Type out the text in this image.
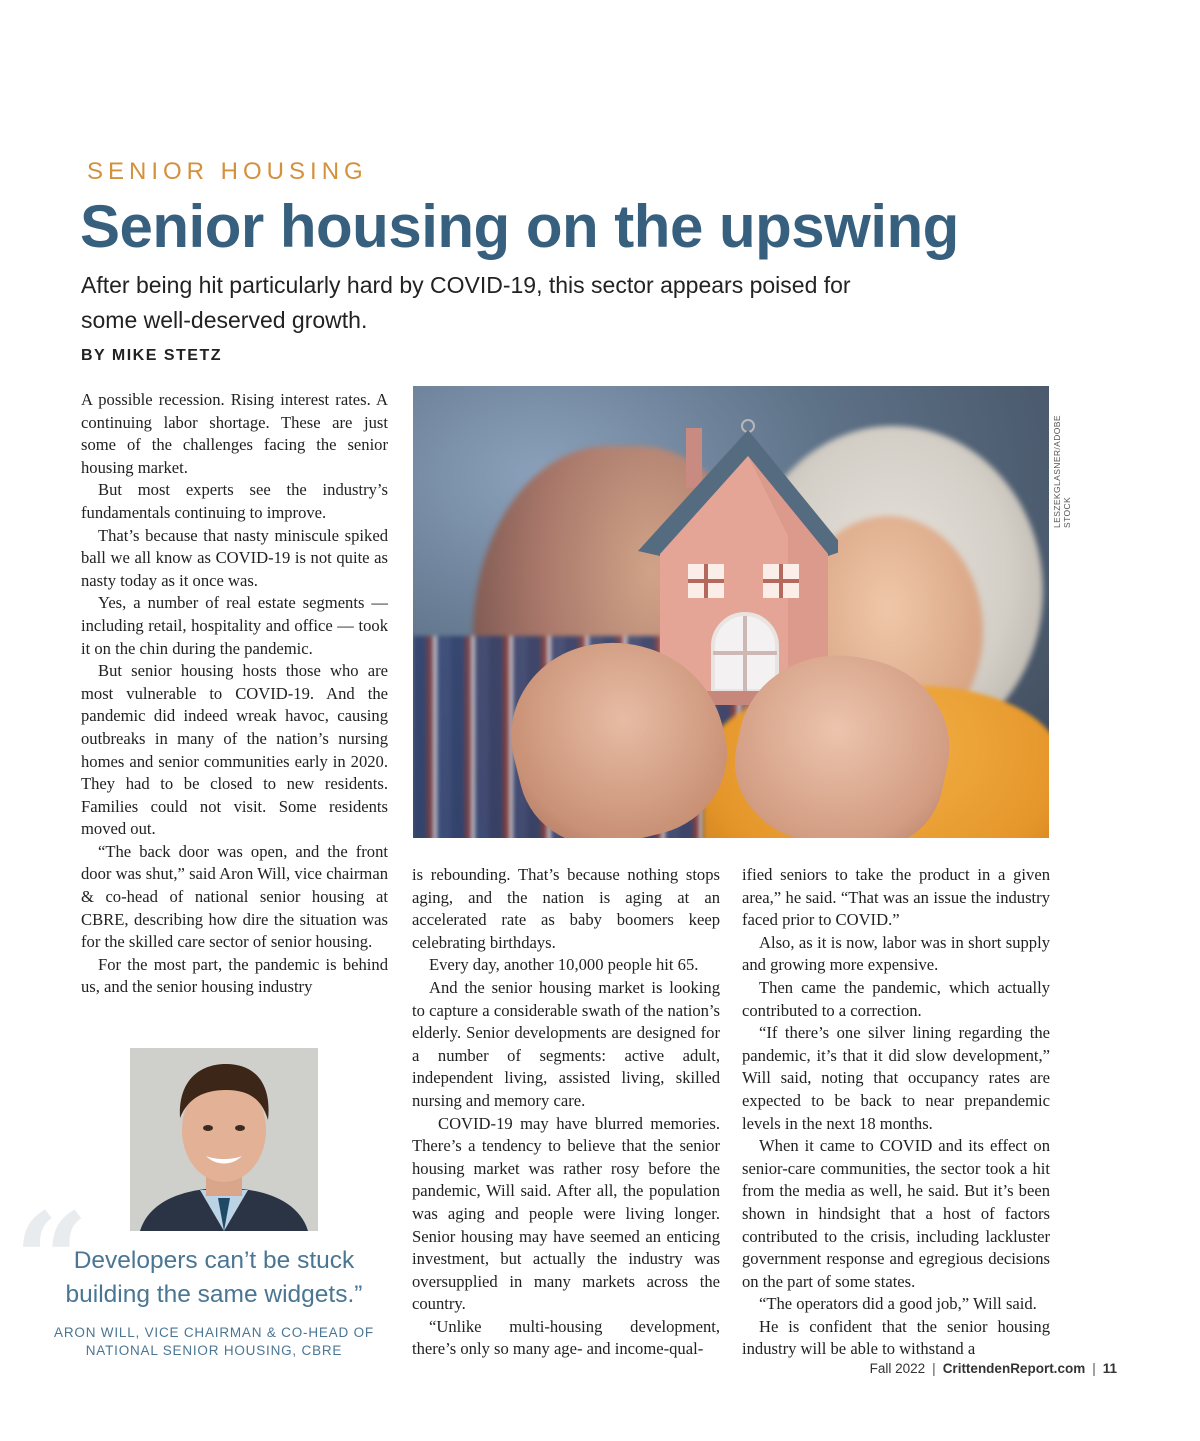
SENIOR HOUSING
Senior housing on the upswing
After being hit particularly hard by COVID-19, this sector appears poised for some well-deserved growth.
BY MIKE STETZ

A possible recession. Rising interest rates. A continuing labor shortage. These are just some of the challenges facing the senior housing market.

But most experts see the industry’s fundamentals continuing to improve.

That’s because that nasty miniscule spiked ball we all know as COVID-19 is not quite as nasty today as it once was.

Yes, a number of real estate segments — including retail, hospitality and office — took it on the chin during the pandemic.

But senior housing hosts those who are most vulnerable to COVID-19. And the pandemic did indeed wreak havoc, causing outbreaks in many of the nation’s nursing homes and senior communities early in 2020. They had to be closed to new residents. Families could not visit. Some residents moved out.

“The back door was open, and the front door was shut,” said Aron Will, vice chairman & co-head of national senior housing at CBRE, describing how dire the situation was for the skilled care sector of senior housing.

For the most part, the pandemic is behind us, and the senior housing industry

LESZEKGLASNER/ADOBE STOCK

is rebounding. That’s because nothing stops aging, and the nation is aging at an accelerated rate as baby boomers keep celebrating birthdays.

Every day, another 10,000 people hit 65.

And the senior housing market is looking to capture a considerable swath of the nation’s elderly. Senior developments are designed for a number of segments: active adult, independent living, assisted living, skilled nursing and memory care.

COVID-19 may have blurred memories. There’s a tendency to believe that the senior housing market was rather rosy before the pandemic, Will said. After all, the population was aging and people were living longer. Senior housing may have seemed an enticing investment, but actually the industry was oversupplied in many markets across the country.

“Unlike multi-housing development, there’s only so many age- and income-qual-

ified seniors to take the product in a given area,” he said. “That was an issue the industry faced prior to COVID.”

Also, as it is now, labor was in short supply and growing more expensive.

Then came the pandemic, which actually contributed to a correction.

“If there’s one silver lining regarding the pandemic, it’s that it did slow development,” Will said, noting that occupancy rates are expected to be back to near prepandemic levels in the next 18 months.

When it came to COVID and its effect on senior-care communities, the sector took a hit from the media as well, he said. But it’s been shown in hindsight that a host of factors contributed to the crisis, including lackluster government response and egregious decisions on the part of some states.

“The operators did a good job,” Will said.

He is confident that the senior housing industry will be able to withstand a

“
Developers can’t be stuck building the same widgets.”
ARON WILL, VICE CHAIRMAN & CO-HEAD OF NATIONAL SENIOR HOUSING, CBRE
Fall 2022 | CrittendenReport.com | 11
